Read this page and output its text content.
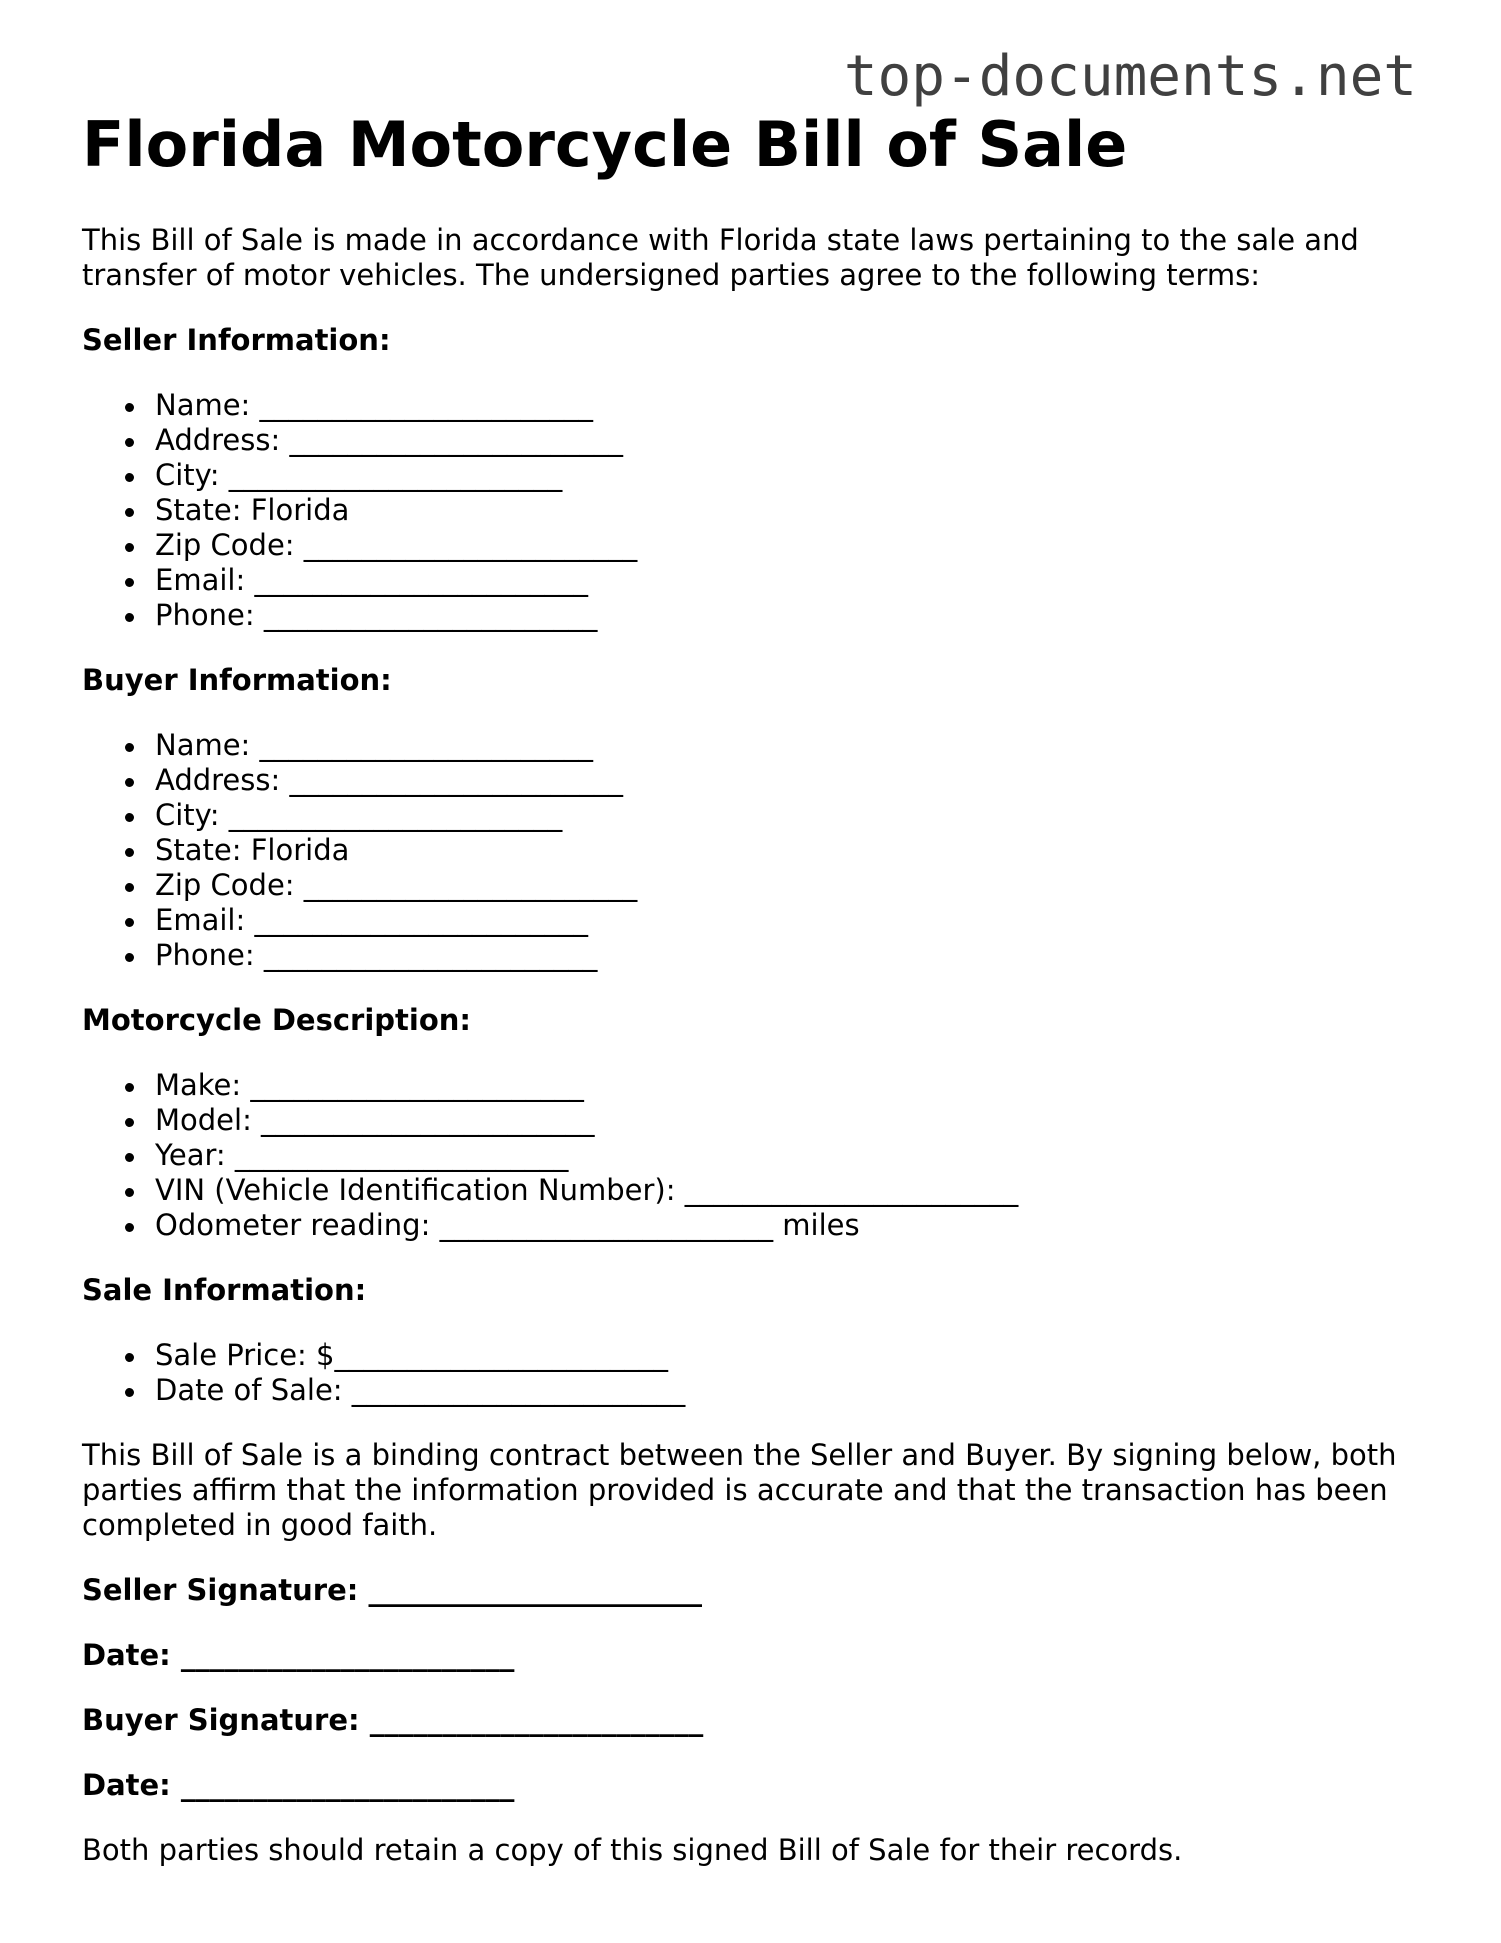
top-documents.net
Florida Motorcycle Bill of Sale

This Bill of Sale is made in accordance with Florida state laws pertaining to the sale and transfer of motor vehicles. The undersigned parties agree to the following terms:

Seller Information:
Name: _______________________
Address: _______________________
City: _______________________
State: Florida
Zip Code: _______________________
Email: _______________________
Phone: _______________________
Buyer Information:
Name: _______________________
Address: _______________________
City: _______________________
State: Florida
Zip Code: _______________________
Email: _______________________
Phone: _______________________
Motorcycle Description:
Make: _______________________
Model: _______________________
Year: _______________________
VIN (Vehicle Identification Number): _______________________
Odometer reading: _______________________ miles
Sale Information:
Sale Price: $_______________________
Date of Sale: _______________________

This Bill of Sale is a binding contract between the Seller and Buyer. By signing below, both parties affirm that the information provided is accurate and that the transaction has been completed in good faith.

Seller Signature: _______________________
Date: _______________________
Buyer Signature: _______________________
Date: _______________________

Both parties should retain a copy of this signed Bill of Sale for their records.
